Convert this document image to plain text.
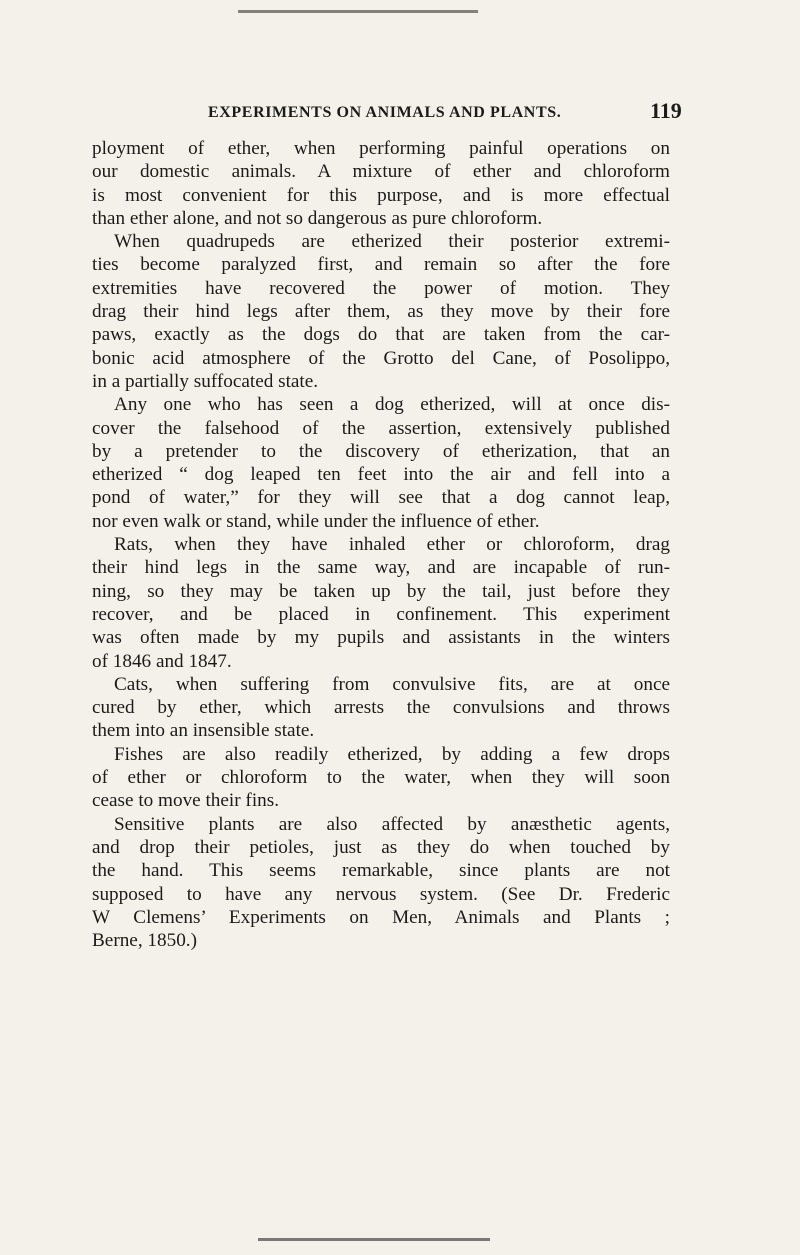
EXPERIMENTS ON ANIMALS AND PLANTS.	119
ployment of ether, when performing painful operations on
our domestic animals. A mixture of ether and chloroform
is most convenient for this purpose, and is more effectual
than ether alone, and not so dangerous as pure chloroform.
When quadrupeds are etherized their posterior extremi-
ties become paralyzed first, and remain so after the fore
extremities have recovered the power of motion. They
drag their hind legs after them, as they move by their fore
paws, exactly as the dogs do that are taken from the car-
bonic acid atmosphere of the Grotto del Cane, of Posolippo,
in a partially suffocated state.
Any one who has seen a dog etherized, will at once dis-
cover the falsehood of the assertion, extensively published
by a pretender to the discovery of etherization, that an
etherized “ dog leaped ten feet into the air and fell into a
pond of water,” for they will see that a dog cannot leap,
nor even walk or stand, while under the influence of ether.
Rats, when they have inhaled ether or chloroform, drag
their hind legs in the same way, and are incapable of run-
ning, so they may be taken up by the tail, just before they
recover, and be placed in confinement. This experiment
was often made by my pupils and assistants in the winters
of 1846 and 1847.
Cats, when suffering from convulsive fits, are at once
cured by ether, which arrests the convulsions and throws
them into an insensible state.
Fishes are also readily etherized, by adding a few drops
of ether or chloroform to the water, when they will soon
cease to move their fins.
Sensitive plants are also affected by anæsthetic agents,
and drop their petioles, just as they do when touched by
the hand. This seems remarkable, since plants are not
supposed to have any nervous system. (See Dr. Frederic
W Clemens’ Experiments on Men, Animals and Plants ;
Berne, 1850.)
